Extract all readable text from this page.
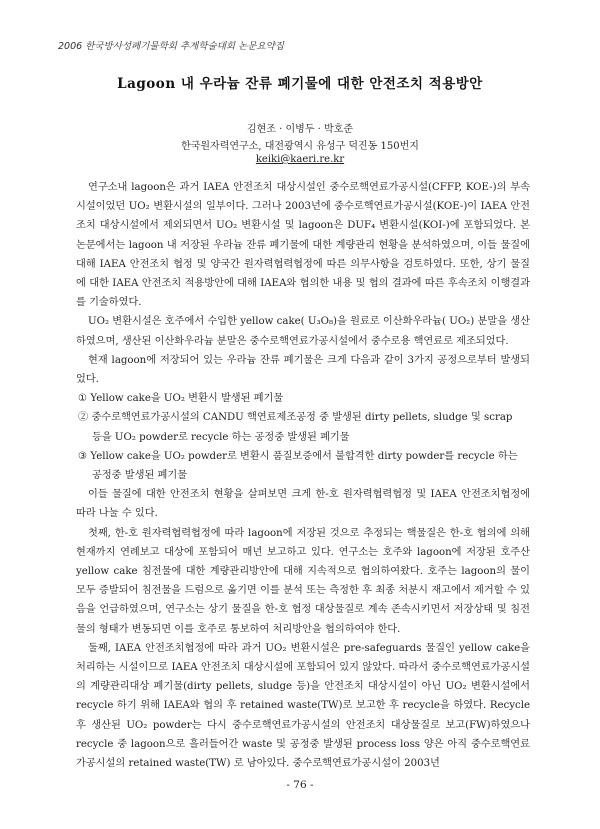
2006 한국방사성폐기물학회 추계학술대회 논문요약집
Lagoon 내 우라늄 잔류 폐기물에 대한 안전조치 적용방안
김현조 · 이병두 · 박호준
한국원자력연구소, 대전광역시 유성구 덕진동 150번지
keiki@kaeri.re.kr

연구소내 lagoon은 과거 IAEA 안전조치 대상시설인 중수로핵연료가공시설(CFFP, KOE-)의 부속시설이었던 UO₂ 변환시설의 일부이다. 그러나 2003년에 중수로핵연료가공시설(KOE-)이 IAEA 안전조치 대상시설에서 제외되면서 UO₂ 변환시설 및 lagoon은 DUF₄ 변환시설(KOI-)에 포함되었다. 본 논문에서는 lagoon 내 저장된 우라늄 잔류 폐기물에 대한 계량관리 현황을 분석하였으며, 이들 물질에 대해 IAEA 안전조치 협정 및 양국간 원자력협력협정에 따른 의무사항을 검토하였다. 또한, 상기 물질에 대한 IAEA 안전조치 적용방안에 대해 IAEA와 협의한 내용 및 협의 결과에 따른 후속조치 이행결과를 기술하였다.

UO₂ 변환시설은 호주에서 수입한 yellow cake( U₃O₈)을 원료로 이산화우라늄( UO₂) 분말을 생산하였으며, 생산된 이산화우라늄 분말은 중수로핵연료가공시설에서 중수로용 핵연료로 제조되었다.

현재 lagoon에 저장되어 있는 우라늄 잔류 폐기물은 크게 다음과 같이 3가지 공정으로부터 발생되었다.

① Yellow cake을 UO₂ 변환시 발생된 폐기물
② 중수로핵연료가공시설의 CANDU 핵연료제조공정 중 발생된 dirty pellets, sludge 및 scrap
등을 UO₂ powder로 recycle 하는 공정중 발생된 폐기물
③ Yellow cake을 UO₂ powder로 변환시 품질보증에서 불합격한 dirty powder를 recycle 하는
공정중 발생된 폐기물

이들 물질에 대한 안전조치 현황을 살펴보면 크게 한-호 원자력협력협정 및 IAEA 안전조치협정에 따라 나눌 수 있다.

첫째, 한-호 원자력협력협정에 따라 lagoon에 저장된 것으로 추정되는 핵물질은 한-호 협의에 의해 현재까지 연례보고 대상에 포함되어 매년 보고하고 있다. 연구소는 호주와 lagoon에 저장된 호주산 yellow cake 침전물에 대한 계량관리방안에 대해 지속적으로 협의하여왔다. 호주는 lagoon의 물이 모두 증발되어 침전물을 드럼으로 옮기면 이를 분석 또는 측정한 후 최종 처분시 재고에서 제거할 수 있음을 언급하였으며, 연구소는 상기 물질을 한-호 협정 대상물질로 계속 존속시키면서 저장상태 및 침전물의 형태가 변동되면 이를 호주로 통보하여 처리방안을 협의하여야 한다.

둘째, IAEA 안전조치협정에 따라 과거 UO₂ 변환시설은 pre-safeguards 물질인 yellow cake을 처리하는 시설이므로 IAEA 안전조치 대상시설에 포함되어 있지 않았다. 따라서 중수로핵연료가공시설의 계량관리대상 폐기물(dirty pellets, sludge 등)을 안전조치 대상시설이 아닌 UO₂ 변환시설에서 recycle 하기 위해 IAEA와 협의 후 retained waste(TW)로 보고한 후 recycle을 하였다. Recycle 후 생산된 UO₂ powder는 다시 중수로핵연료가공시설의 안전조치 대상물질로 보고(FW)하였으나 recycle 중 lagoon으로 흘러들어간 waste 및 공정중 발생된 process loss 양은 아직 중수로핵연료가공시설의 retained waste(TW) 로 남아있다. 중수로핵연료가공시설이 2003년

- 76 -
